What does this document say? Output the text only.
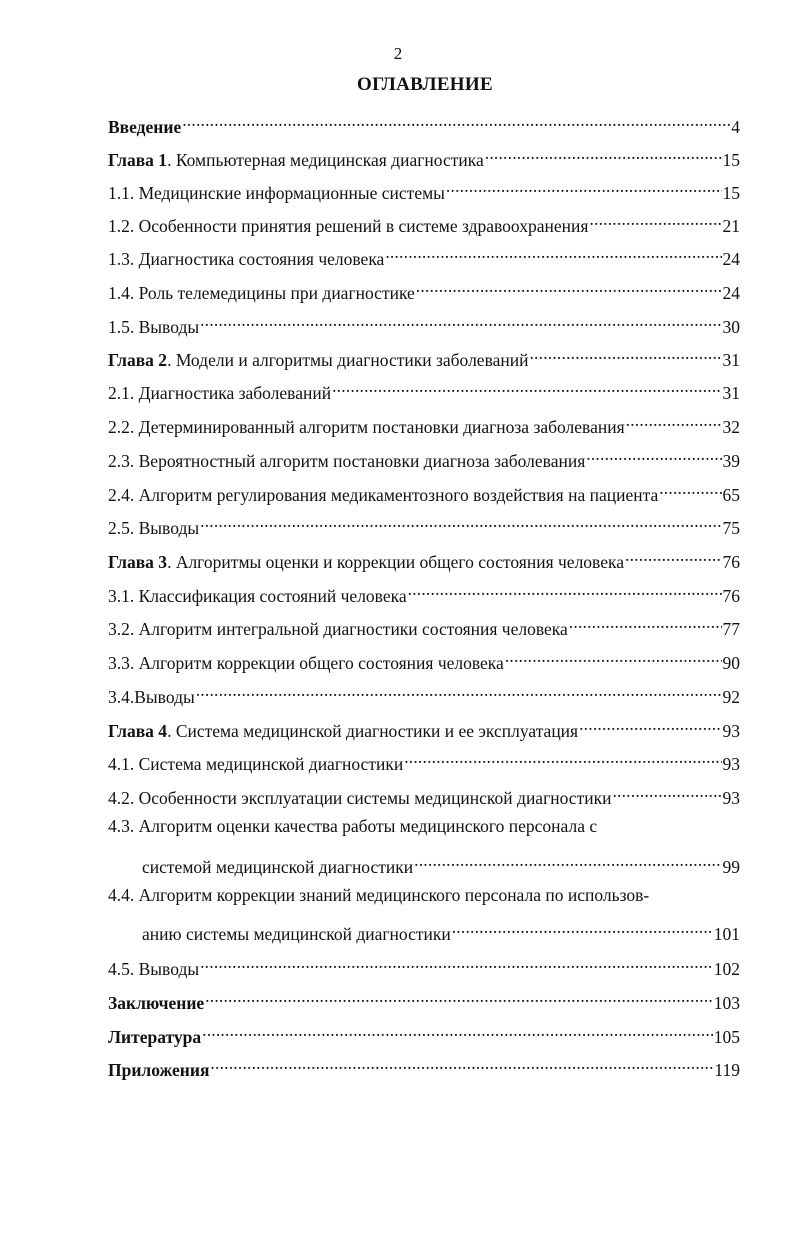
2
ОГЛАВЛЕНИЕ
Введение .....	4
Глава 1 . Компьютерная медицинская диагностика .....	15
1.1. Медицинские информационные системы .....	15
1.2. Особенности принятия решений в системе здравоохранения .....	21
1.3. Диагностика состояния человека .....	24
1.4. Роль телемедицины при диагностике .....	24
1.5. Выводы .....	30
Глава 2 . Модели и алгоритмы диагностики заболеваний .....	31
2.1. Диагностика заболеваний .....	31
2.2. Детерминированный алгоритм постановки диагноза заболевания .....	32
2.3. Вероятностный алгоритм постановки диагноза заболевания .....	39
2.4. Алгоритм регулирования медикаментозного воздействия на пациента .....	65
2.5. Выводы .....	75
Глава 3 . Алгоритмы оценки и коррекции общего состояния человека .....	76
3.1. Классификация состояний человека .....	76
3.2. Алгоритм интегральной диагностики состояния человека .....	77
3.3. Алгоритм коррекции общего состояния человека .....	90
3.4.Выводы .....	92
Глава 4 . Система медицинской диагностики и ее эксплуатация .....	93
4.1. Система медицинской диагностики .....	93
4.2. Особенности эксплуатации системы медицинской диагностики .....	93
4.3. Алгоритм оценки качества работы медицинского персонала с
системой медицинской диагностики .....	99
4.4. Алгоритм коррекции знаний медицинского персонала по использов-
анию системы медицинской диагностики .....	101
4.5. Выводы .....	102
Заключение .....	103
Литература .....	105
Приложения .....	119
